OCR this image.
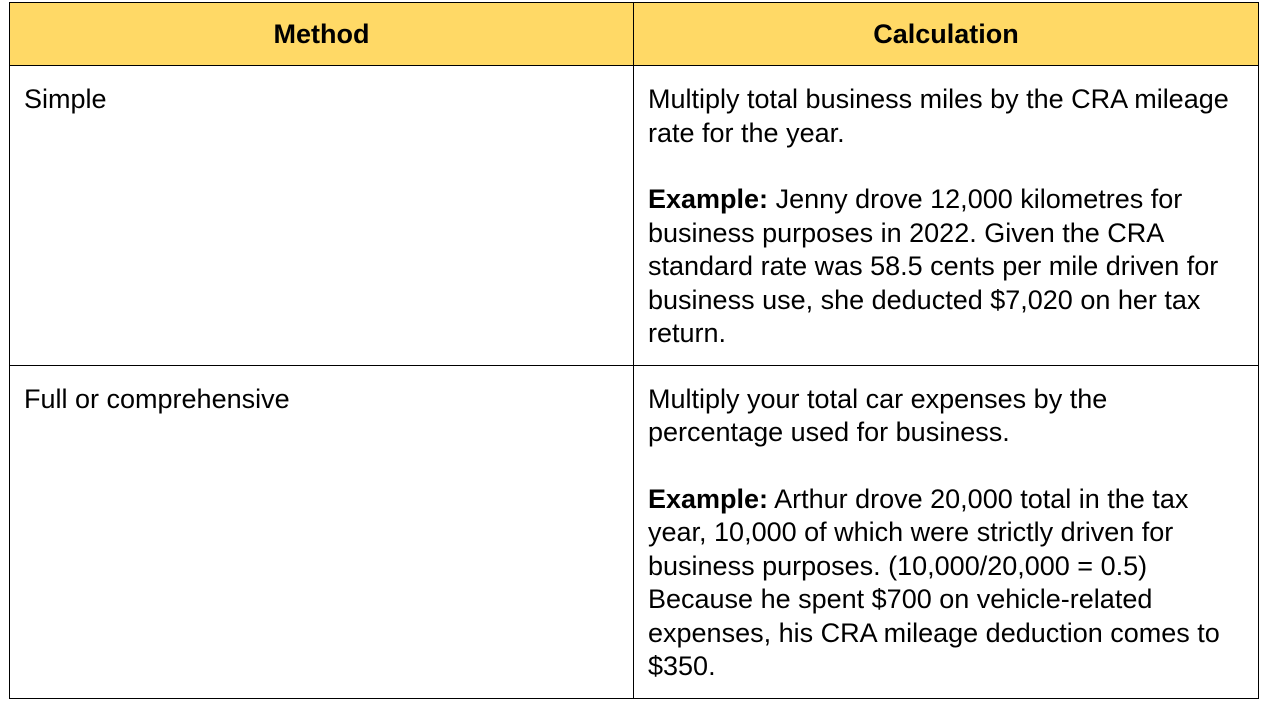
Method	Calculation
Simple	Multiply total business miles by the CRA mileage rate for the year.

Example: Jenny drove 12,000 kilometres for business purposes in 2022. Given the CRA standard rate was 58.5 cents per mile driven for business use, she deducted $7,020 on her tax return.

Full or comprehensive	Multiply your total car expenses by the percentage used for business.

Example: Arthur drove 20,000 total in the tax year, 10,000 of which were strictly driven for business purposes. (10,000/20,000 = 0.5) Because he spent $700 on vehicle-related expenses, his CRA mileage deduction comes to $350.
